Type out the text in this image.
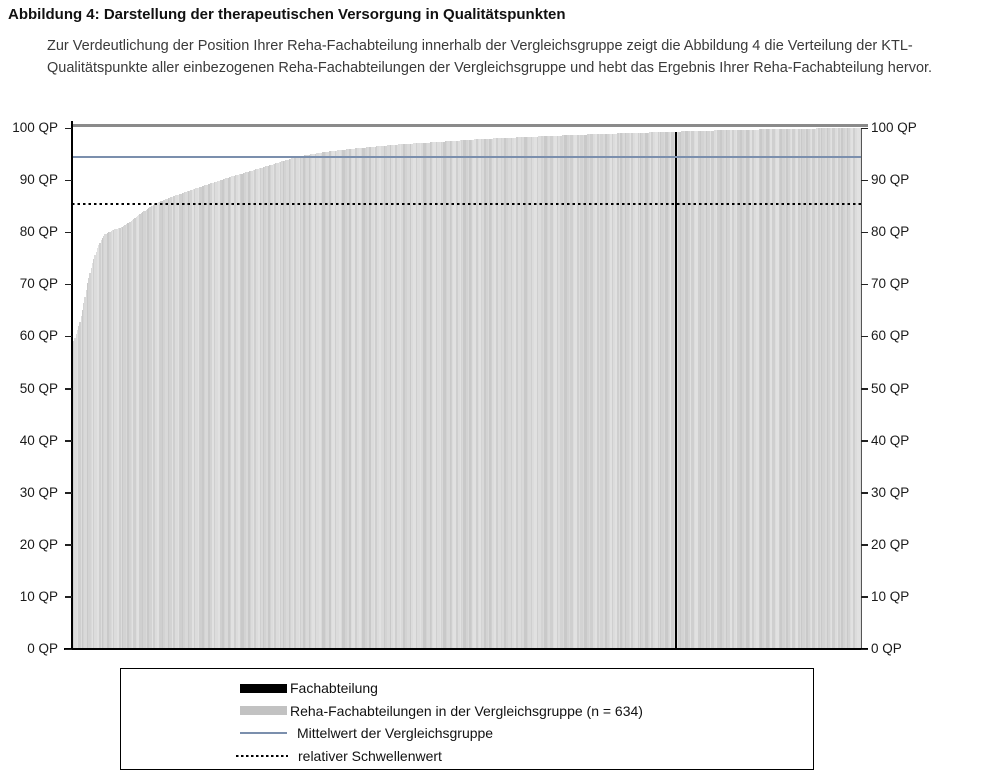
Abbildung 4: Darstellung der therapeutischen Versorgung in Qualitätspunkten
Zur Verdeutlichung der Position Ihrer Reha-Fachabteilung innerhalb der Vergleichsgruppe zeigt die Abbildung 4 die Verteilung der KTL-Qualitätspunkte aller einbezogenen Reha-Fachabteilungen der Vergleichsgruppe und hebt das Ergebnis Ihrer Reha-Fachabteilung hervor.
0 QP	0 QP
10 QP	10 QP
20 QP	20 QP
30 QP	30 QP
40 QP	40 QP
50 QP	50 QP
60 QP	60 QP
70 QP	70 QP
80 QP	80 QP
90 QP	90 QP
100 QP	100 QP
Fachabteilung
Reha-Fachabteilungen in der Vergleichsgruppe (n = 634)
Mittelwert der Vergleichsgruppe
relativer Schwellenwert
